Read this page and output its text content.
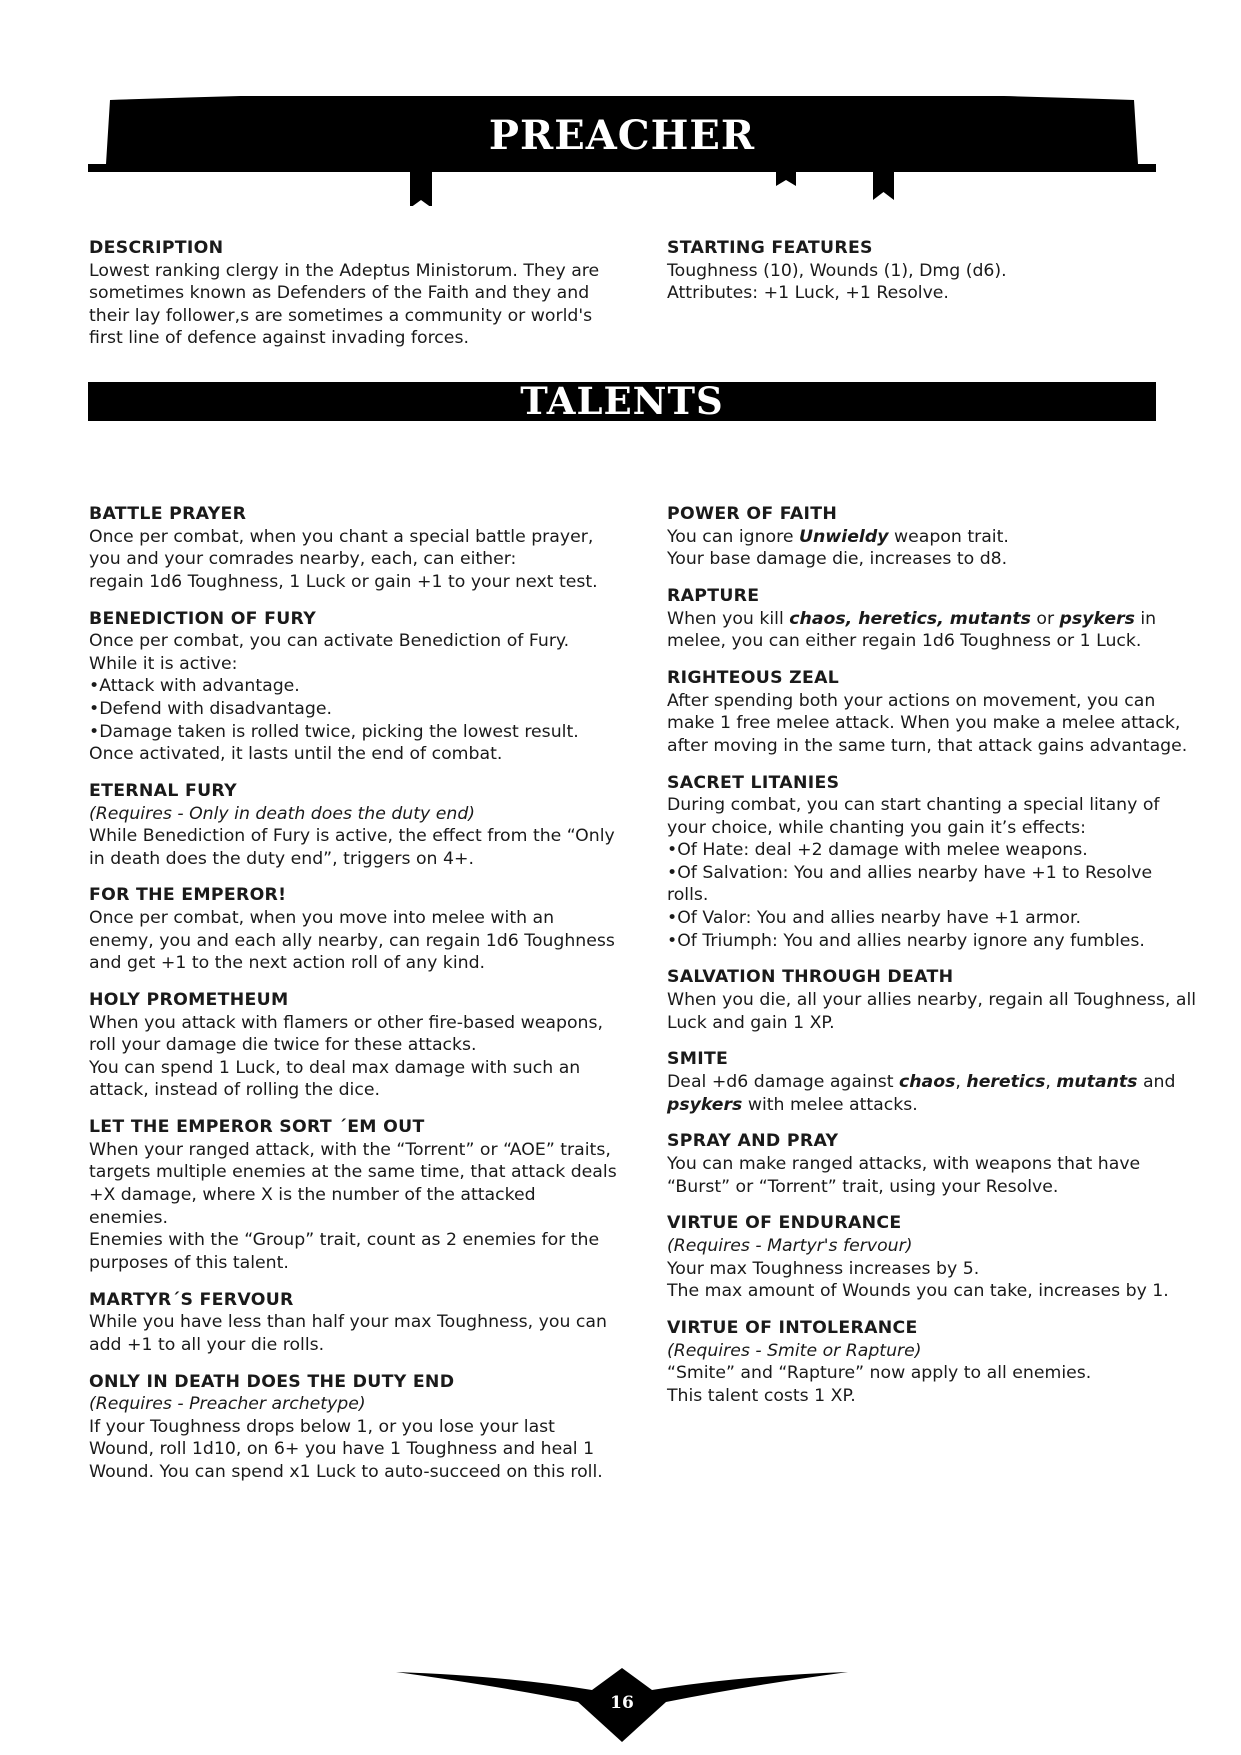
PREACHER

DESCRIPTION

Lowest ranking clergy in the Adeptus Ministorum. They are

sometimes known as Defenders of the Faith and they and

their lay follower,s are sometimes a community or world's

first line of defence against invading forces.

STARTING FEATURES

Toughness (10), Wounds (1), Dmg (d6).

Attributes: +1 Luck, +1 Resolve.

TALENTS

BATTLE PRAYER

Once per combat, when you chant a special battle prayer,

you and your comrades nearby, each, can either:

regain 1d6 Toughness, 1 Luck or gain +1 to your next test.

BENEDICTION OF FURY

Once per combat, you can activate Benediction of Fury.

While it is active:

•Attack with advantage.

•Defend with disadvantage.

•Damage taken is rolled twice, picking the lowest result.

Once activated, it lasts until the end of combat.

ETERNAL FURY

(Requires - Only in death does the duty end)

While Benediction of Fury is active, the effect from the “Only

in death does the duty end”, triggers on 4+.

FOR THE EMPEROR!

Once per combat, when you move into melee with an

enemy, you and each ally nearby, can regain 1d6 Toughness

and get +1 to the next action roll of any kind.

HOLY PROMETHEUM

When you attack with flamers or other fire-based weapons,

roll your damage die twice for these attacks.

You can spend 1 Luck, to deal max damage with such an

attack, instead of rolling the dice.

LET THE EMPEROR SORT ´EM OUT

When your ranged attack, with the “Torrent” or “AOE” traits,

targets multiple enemies at the same time, that attack deals

+X damage, where X is the number of the attacked enemies.

Enemies with the “Group” trait, count as 2 enemies for the

purposes of this talent.

MARTYR´S FERVOUR

While you have less than half your max Toughness, you can

add +1 to all your die rolls.

ONLY IN DEATH DOES THE DUTY END

(Requires - Preacher archetype)

If your Toughness drops below 1, or you lose your last

Wound, roll 1d10, on 6+ you have 1 Toughness and heal 1

Wound. You can spend x1 Luck to auto-succeed on this roll.

POWER OF FAITH

You can ignore Unwieldy weapon trait.

Your base damage die, increases to d8.

RAPTURE

When you kill chaos, heretics, mutants or psykers in

melee, you can either regain 1d6 Toughness or 1 Luck.

RIGHTEOUS ZEAL

After spending both your actions on movement, you can

make 1 free melee attack. When you make a melee attack,

after moving in the same turn, that attack gains advantage.

SACRET LITANIES

During combat, you can start chanting a special litany of

your choice, while chanting you gain it’s effects:

•Of Hate: deal +2 damage with melee weapons.

•Of Salvation: You and allies nearby have +1 to Resolve rolls.

•Of Valor: You and allies nearby have +1 armor.

•Of Triumph: You and allies nearby ignore any fumbles.

SALVATION THROUGH DEATH

When you die, all your allies nearby, regain all Toughness, all

Luck and gain 1 XP.

SMITE

Deal +d6 damage against chaos, heretics, mutants and

psykers with melee attacks.

SPRAY AND PRAY

You can make ranged attacks, with weapons that have

“Burst” or “Torrent” trait, using your Resolve.

VIRTUE OF ENDURANCE

(Requires - Martyr's fervour)

Your max Toughness increases by 5.

The max amount of Wounds you can take, increases by 1.

VIRTUE OF INTOLERANCE

(Requires - Smite or Rapture)

“Smite” and “Rapture” now apply to all enemies.

This talent costs 1 XP.

16
